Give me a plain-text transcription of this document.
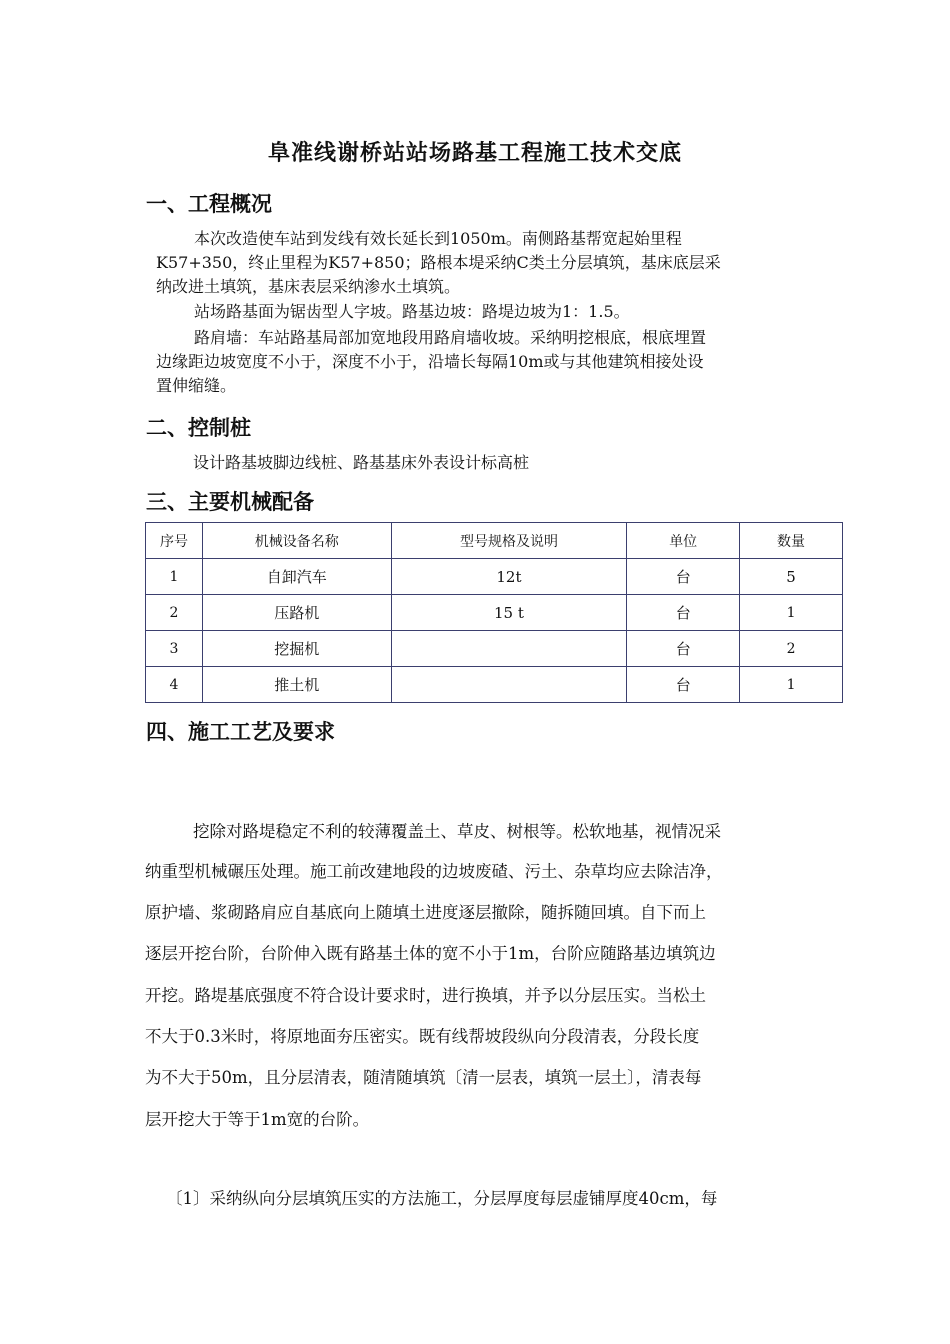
阜准线谢桥站站场路基工程施工技术交底
一、工程概况
本次改造使车站到发线有效长延长到1050m。南侧路基帮宽起始里程
K57+350，终止里程为K57+850；路根本堤采纳C类土分层填筑，基床底层采
纳改进土填筑，基床表层采纳渗水土填筑。
站场路基面为锯齿型人字坡。路基边坡：路堤边坡为1：1.5。
路肩墙：车站路基局部加宽地段用路肩墙收坡。采纳明挖根底，根底埋置
边缘距边坡宽度不小于，深度不小于，沿墙长每隔10m或与其他建筑相接处设
置伸缩缝。
二、控制桩
设计路基坡脚边线桩、路基基床外表设计标高桩
三、主要机械配备
序号	机械设备名称	型号规格及说明	单位	数量
1	自卸汽车	12t	台	5
2	压路机	15 t	台	1
3	挖掘机		台	2
4	推土机		台	1
四、施工工艺及要求
挖除对路堤稳定不利的较薄覆盖土、草皮、树根等。松软地基，视情况采
纳重型机械碾压处理。施工前改建地段的边坡废碴、污土、杂草均应去除洁净，
原护墙、浆砌路肩应自基底向上随填土进度逐层撤除，随拆随回填。自下而上
逐层开挖台阶，台阶伸入既有路基土体的宽不小于1m，台阶应随路基边填筑边
开挖。路堤基底强度不符合设计要求时，进行换填，并予以分层压实。当松土
不大于0.3米时，将原地面夯压密实。既有线帮坡段纵向分段清表，分段长度
为不大于50m，且分层清表，随清随填筑〔清一层表，填筑一层土〕，清表每
层开挖大于等于1m宽的台阶。
〔1〕采纳纵向分层填筑压实的方法施工，分层厚度每层虚铺厚度40cm，每
